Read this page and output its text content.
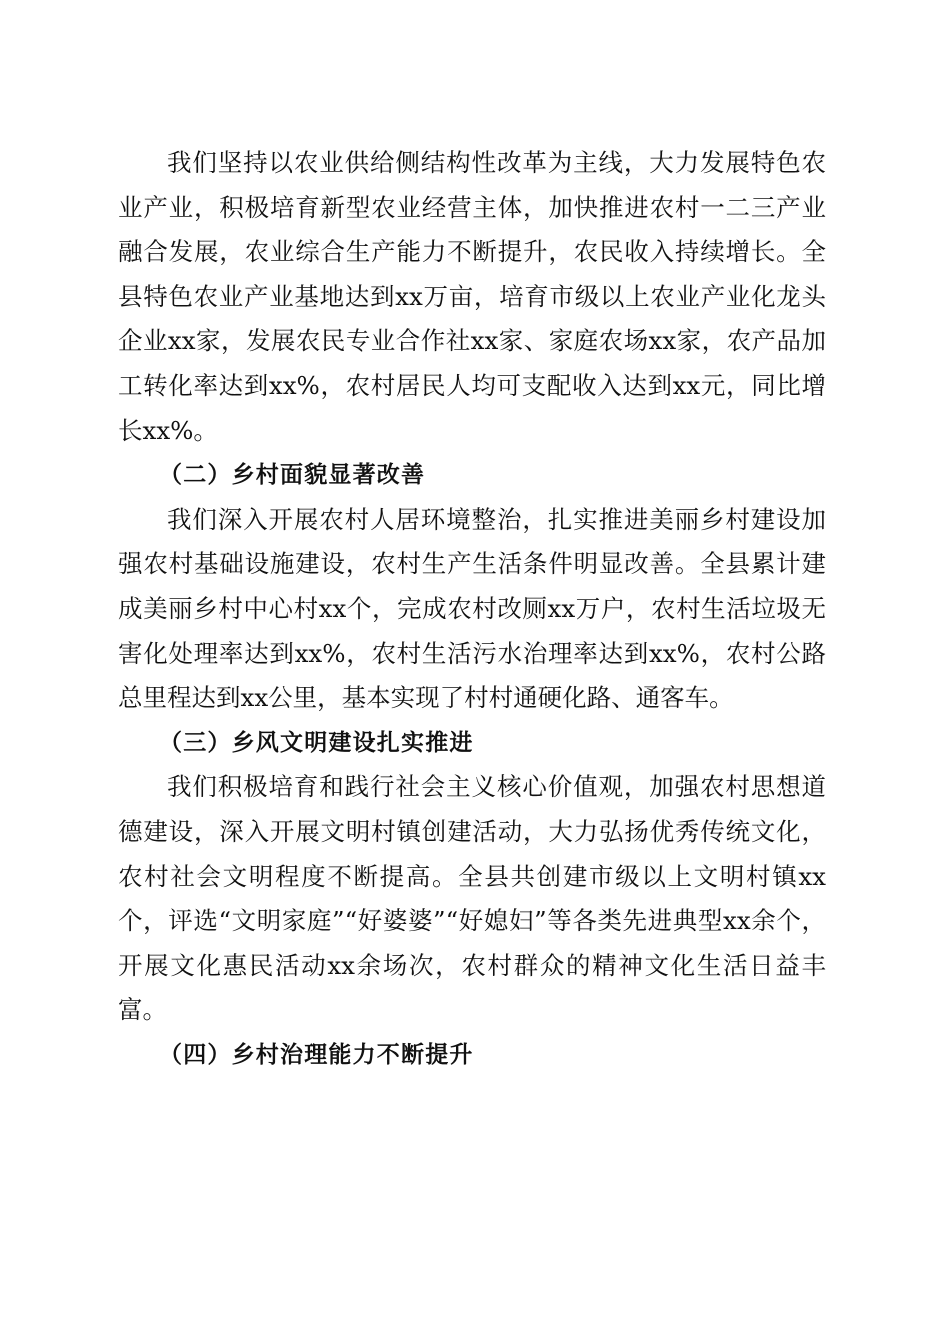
我们坚持以农业供给侧结构性改革为主线，大力发展特色农业产业，积极培育新型农业经营主体，加快推进农村一二三产业融合发展，农业综合生产能力不断提升，农民收入持续增长。全县特色农业产业基地达到xx万亩，培育市级以上农业产业化龙头企业xx家，发展农民专业合作社xx家、家庭农场xx家，农产品加工转化率达到xx%，农村居民人均可支配收入达到xx元，同比增长xx%。

（二）乡村面貌显著改善

我们深入开展农村人居环境整治，扎实推进美丽乡村建设加强农村基础设施建设，农村生产生活条件明显改善。全县累计建成美丽乡村中心村xx个，完成农村改厕xx万户，农村生活垃圾无害化处理率达到xx%，农村生活污水治理率达到xx%，农村公路总里程达到xx公里，基本实现了村村通硬化路、通客车。

（三）乡风文明建设扎实推进

我们积极培育和践行社会主义核心价值观，加强农村思想道德建设，深入开展文明村镇创建活动，大力弘扬优秀传统文化，农村社会文明程度不断提高。全县共创建市级以上文明村镇xx个，评选“文明家庭”“好婆婆”“好媳妇”等各类先进典型xx余个，开展文化惠民活动xx余场次，农村群众的精神文化生活日益丰富。

（四）乡村治理能力不断提升
